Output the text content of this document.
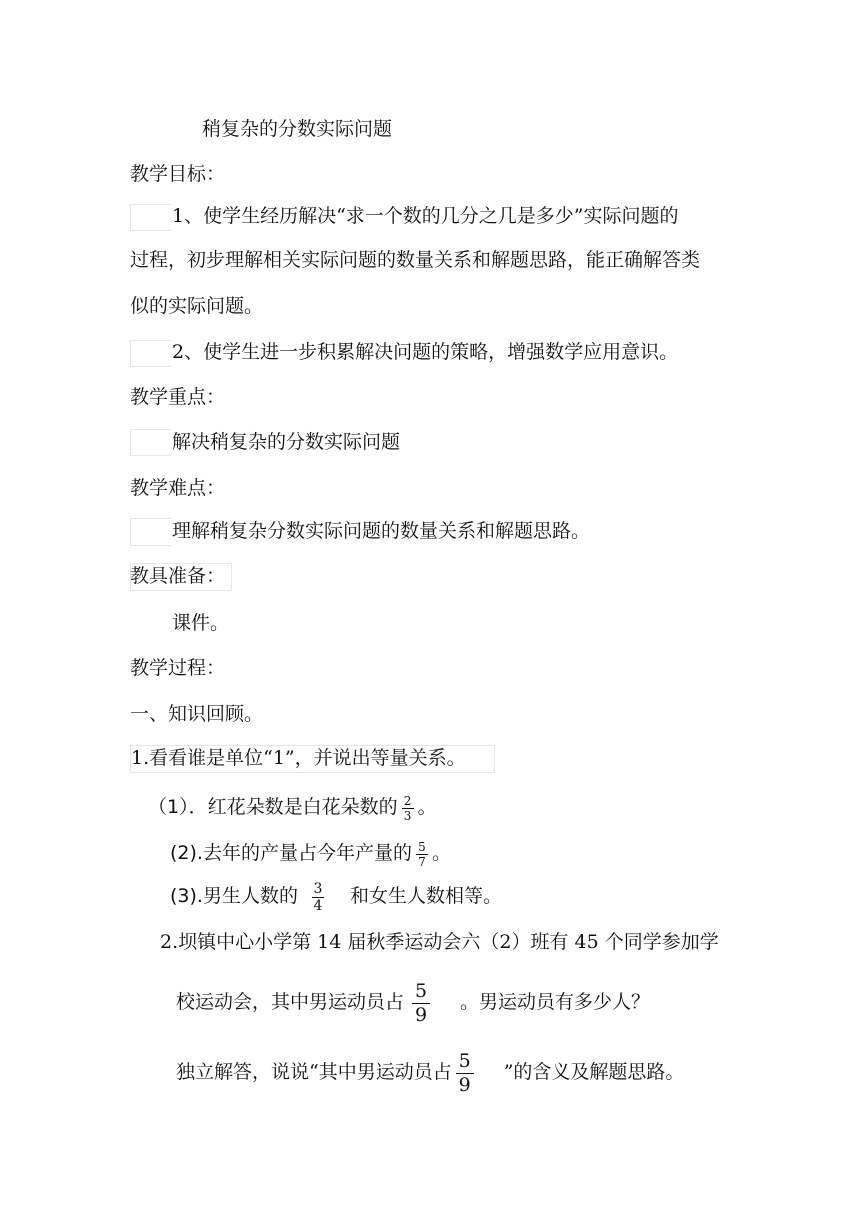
稍复杂的分数实际问题
教学目标：
1、使学生经历解决“求一个数的几分之几是多少”实际问题的
过程，初步理解相关实际问题的数量关系和解题思路，能正确解答类
似的实际问题。
2、使学生进一步积累解决问题的策略，增强数学应用意识。
教学重点：
解决稍复杂的分数实际问题
教学难点：
理解稍复杂分数实际问题的数量关系和解题思路。
教具准备：
课件。
教学过程：
一、知识回顾。
1.看看谁是单位“1”，并说出等量关系。
（1）．红花朵数是白花朵数的 $\frac{2}{3}$ 。
(2).去年的产量占今年产量的 $\frac{5}{7}$ 。
(3).男生人数的 $\frac{3}{4}$ 和女生人数相等。
2.坝镇中心小学第 14 届秋季运动会六（2）班有 45 个同学参加学
校运动会，其中男运动员占 $\frac{5}{9}$ 。男运动员有多少人？
独立解答，说说“其中男运动员占 $\frac{5}{9}$ ”的含义及解题思路。
